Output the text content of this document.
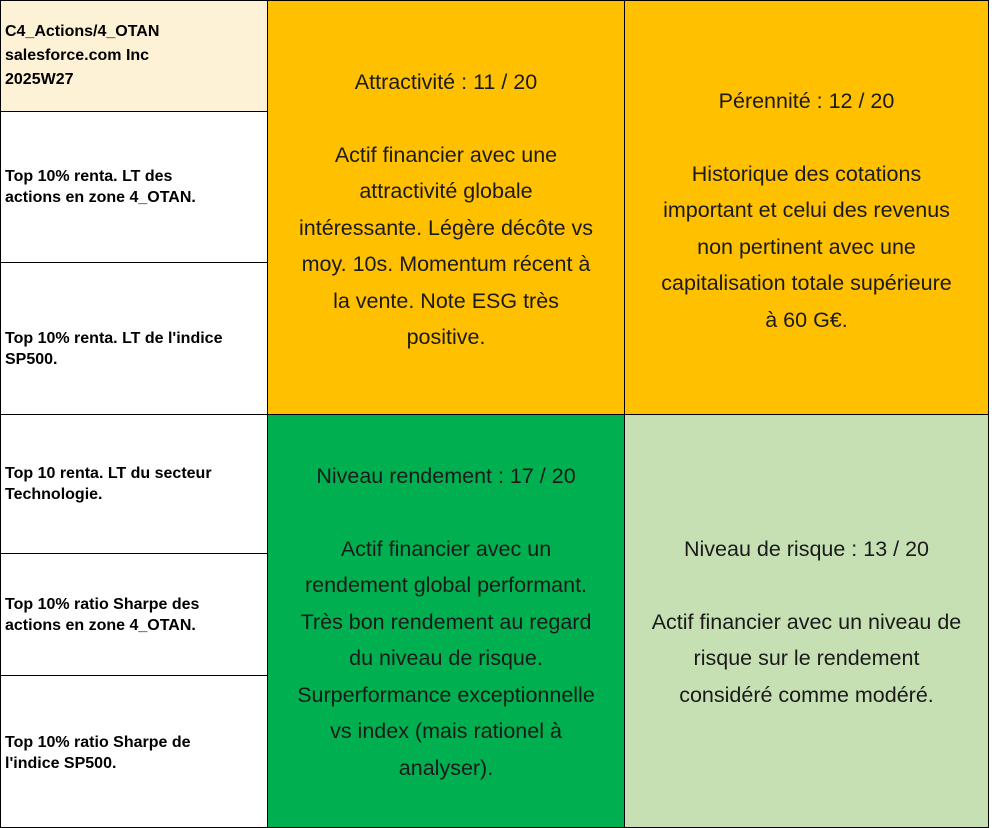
C4_Actions/4_OTAN
salesforce.com Inc
2025W27
Top 10% renta. LT des
actions en zone 4_OTAN.
Top 10% renta. LT de l'indice
SP500.
Top 10 renta. LT du secteur
Technologie.
Top 10% ratio Sharpe des
actions en zone 4_OTAN.
Top 10% ratio Sharpe de
l'indice SP500.
Attractivité : 11 / 20
Actif financier avec une
attractivité globale
intéressante. Légère décôte vs
moy. 10s. Momentum récent à
la vente. Note ESG très
positive.
Pérennité : 12 / 20
Historique des cotations
important et celui des revenus
non pertinent avec une
capitalisation totale supérieure
à 60 G€.
Niveau rendement : 17 / 20
Actif financier avec un
rendement global performant.
Très bon rendement au regard
du niveau de risque.
Surperformance exceptionnelle
vs index (mais rationel à
analyser).
Niveau de risque : 13 / 20
Actif financier avec un niveau de
risque sur le rendement
considéré comme modéré.
